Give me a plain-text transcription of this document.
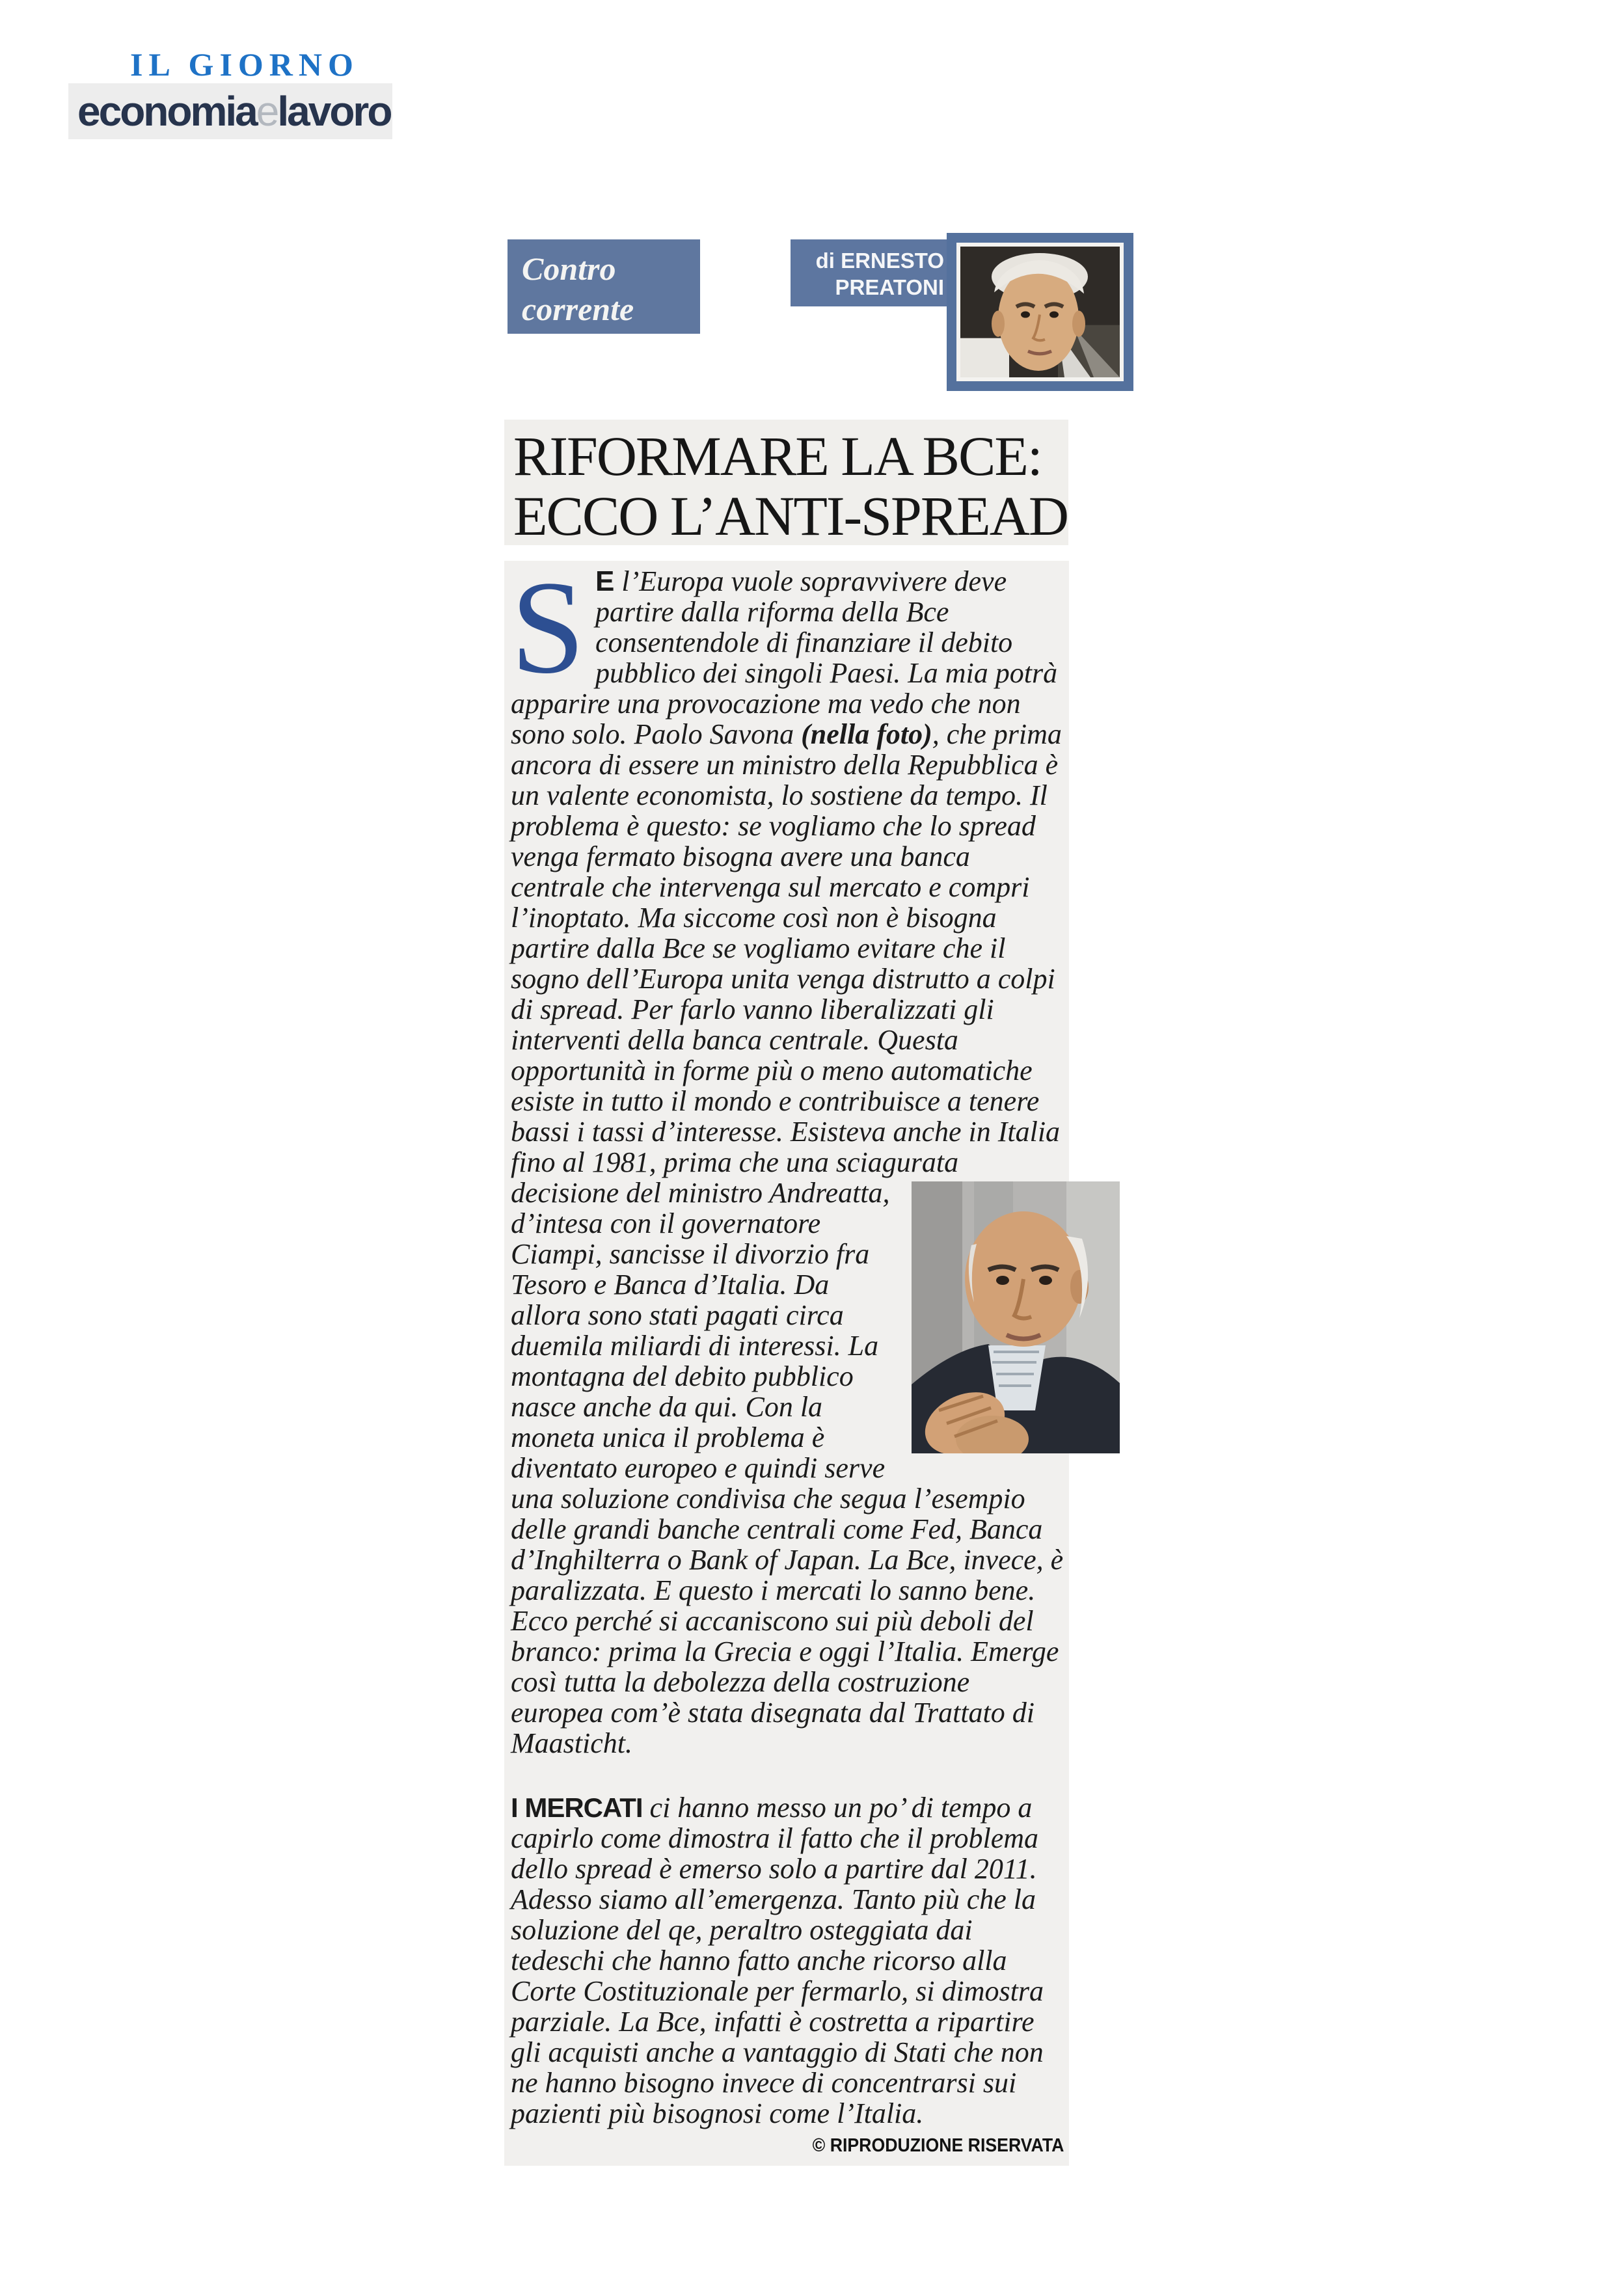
IL GIORNO
economia e lavoro
Contro
corrente
di ERNESTO
PREATONI
RIFORMARE LA BCE:
ECCO L’ANTI-SPREAD

S E l’Europa vuole sopravvivere deve partire dalla riforma della Bce consentendole di finanziare il debito pubblico dei singoli Paesi. La mia potrà apparire una provocazione ma vedo che non sono solo. Paolo Savona (nella foto), che prima ancora di essere un ministro della Repubblica è un valente economista, lo sostiene da tempo. Il problema è questo: se vogliamo che lo spread venga fermato bisogna avere una banca centrale che intervenga sul mercato e compri l’inoptato. Ma siccome così non è bisogna partire dalla Bce se vogliamo evitare che il sogno dell’Europa unita venga distrutto a colpi di spread. Per farlo vanno liberalizzati gli interventi della banca centrale. Questa opportunità in forme più o meno automatiche esiste in tutto il mondo e contribuisce a tenere bassi i tassi d’interesse. Esisteva anche in Italia fino al 1981, prima che una sciagurata
decisione del ministro Andreatta, d’intesa con il governatore Ciampi, sancisse il divorzio fra Tesoro e Banca d’Italia. Da allora sono stati pagati circa duemila miliardi di interessi. La montagna del debito pubblico nasce anche da qui. Con la moneta unica il problema è diventato europeo e quindi serve una soluzione condivisa che segua l’esempio delle grandi banche centrali come Fed, Banca d’Inghilterra o Bank of Japan. La Bce, invece, è paralizzata. E questo i mercati lo sanno bene. Ecco perché si accaniscono sui più deboli del branco: prima la Grecia e oggi l’Italia. Emerge così tutta la debolezza della costruzione europea com’è stata disegnata dal Trattato di Maasticht.

I MERCATI ci hanno messo un po’ di tempo a capirlo come dimostra il fatto che il problema dello spread è emerso solo a partire dal 2011. Adesso siamo all’emergenza. Tanto più che la soluzione del qe, peraltro osteggiata dai tedeschi che hanno fatto anche ricorso alla Corte Costituzionale per fermarlo, si dimostra parziale. La Bce, infatti è costretta a ripartire gli acquisti anche a vantaggio di Stati che non ne hanno bisogno invece di concentrarsi sui pazienti più bisognosi come l’Italia.

© RIPRODUZIONE RISERVATA
